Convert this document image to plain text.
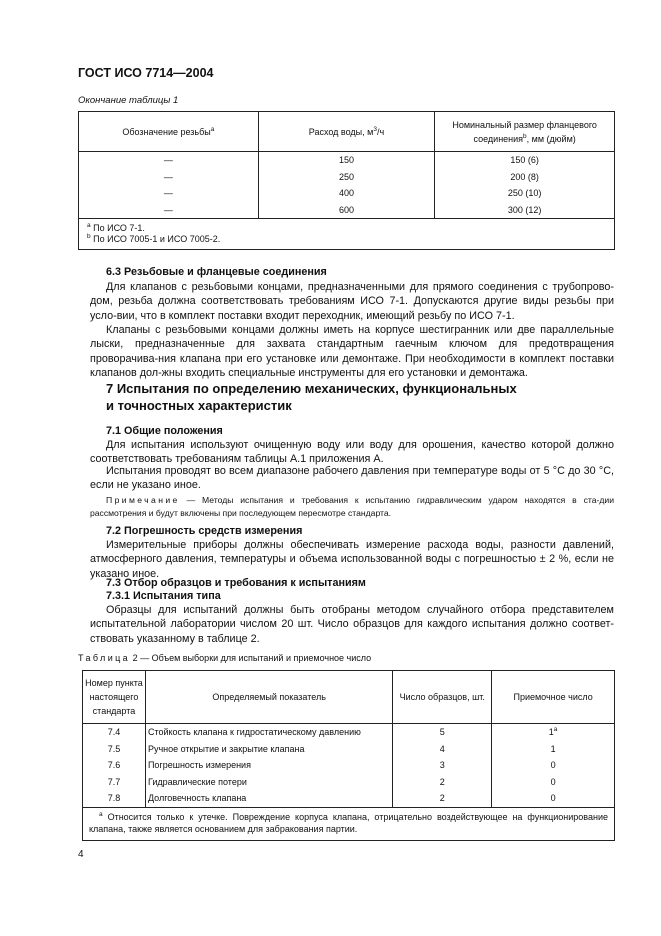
ГОСТ ИСО 7714—2004
Окончание таблицы 1
Обозначение резьбы$^a$	Расход воды, $м^3/ч$	Номинальный размер фланцевого
соединения$^b$, мм (дюйм)
—	150	150 (6)
—	250	200 (8)
—	400	250 (10)
—	600	300 (12)
$^a$ По ИСО 7-1.
$^b$ По ИСО 7005-1 и ИСО 7005-2.		
6.3 Резьбовые и фланцевые соединения
Для клапанов с резьбовыми концами, предназначенными для прямого соединения с трубопрово-дом, резьба должна соответствовать требованиям ИСО 7-1. Допускаются другие виды резьбы при усло-вии, что в комплект поставки входит переходник, имеющий резьбу по ИСО 7-1.
Клапаны с резьбовыми концами должны иметь на корпусе шестигранник или две параллельные лыски, предназначенные для захвата стандартным гаечным ключом для предотвращения проворачива-ния клапана при его установке или демонтаже. При необходимости в комплект поставки клапанов дол-жны входить специальные инструменты для его установки и демонтажа.
7 Испытания по определению механических, функциональных
и точностных характеристик
7.1 Общие положения
Для испытания используют очищенную воду или воду для орошения, качество которой должно соответствовать требованиям таблицы А.1 приложения А.
Испытания проводят во всем диапазоне рабочего давления при температуре воды от 5 °С до 30 °С, если не указано иное.
Примечание — Методы испытания и требования к испытанию гидравлическим ударом находятся в ста-дии рассмотрения и будут включены при последующем пересмотре стандарта.
7.2 Погрешность средств измерения
Измерительные приборы должны обеспечивать измерение расхода воды, разности давлений, атмосферного давления, температуры и объема использованной воды с погрешностью ± 2 %, если не указано иное.
7.3 Отбор образцов и требования к испытаниям
7.3.1 Испытания типа
Образцы для испытаний должны быть отобраны методом случайного отбора представителем испытательной лаборатории числом 20 шт. Число образцов для каждого испытания должно соответ-ствовать указанному в таблице 2.
Таблица 2 — Объем выборки для испытаний и приемочное число
Номер пункта настоящего стандарта	Определяемый показатель	Число образцов, шт.	Приемочное число
7.4	Стойкость клапана к гидростатическому давлению	5	$1^а$
7.5	Ручное открытие и закрытие клапана	4	1
7.6	Погрешность измерения	3	0
7.7	Гидравлические потери	2	0
7.8	Долговечность клапана	2	0
$^а$ Относится только к утечке. Повреждение корпуса клапана, отрицательно воздействующее на функционирование клапана, также является основанием для забракования партии.			
4
